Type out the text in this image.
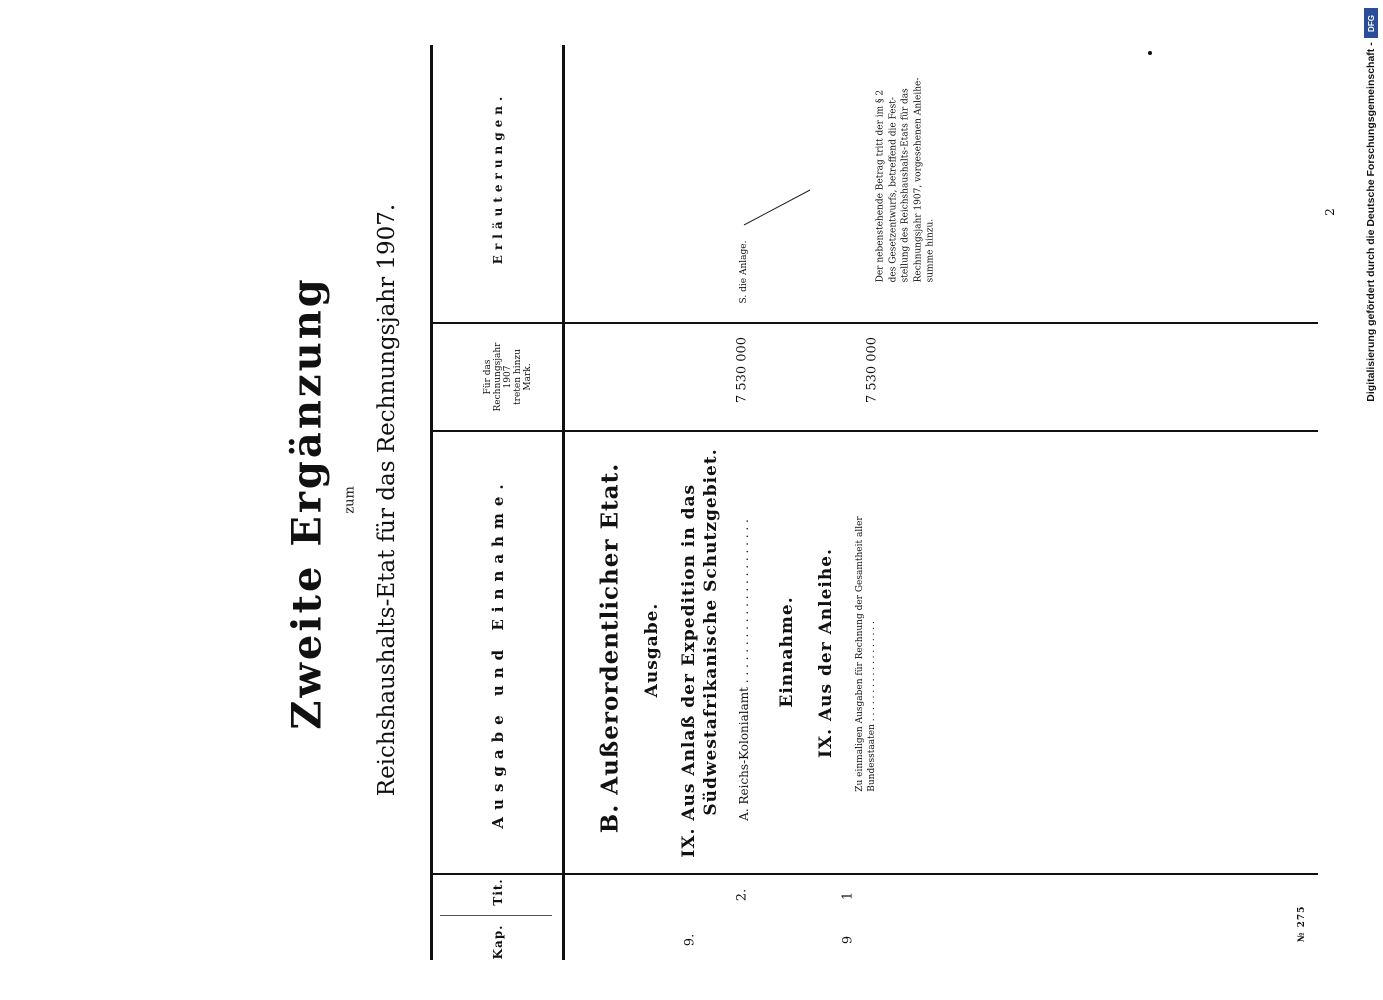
Zweite Ergänzung zum Reichshaushalts-Etat für das Rechnungsjahr 1907.
Kap.
Tit.
Ausgabe und Einnahme.
Für das Rechnungsjahr 1907 treten hinzu Mark.
Erläuterungen.
B. Außerordentlicher Etat. Ausgabe. IX. Aus Anlaß der Expedition in das Südwestafrikanische Schutzgebiet. A. Reichs-Kolonialamt . . . . . . . . . . . . . . . . . . . . . . Einnahme. IX. Aus der Anleihe. Zu einmaligen Ausgaben für Rechnung der Gesamtheit aller Bundesstaaten . . . . . . . . . . . . . . . . . .
9.
2.
7 530 000
S. die Anlage.
9
1
7 530 000
Der nebenstehende Betrag tritt der im § 2 des Gesetzentwurfs, betreffend die Fest- stellung des Reichshaushalts-Etats für das Rechnungsjahr 1907, vorgesehenen Anleihe- summe hinzu.
№ 275
2	Digitalisierung gefördert durch die Deutsche Forschungsgemeinschaft -
DFG
